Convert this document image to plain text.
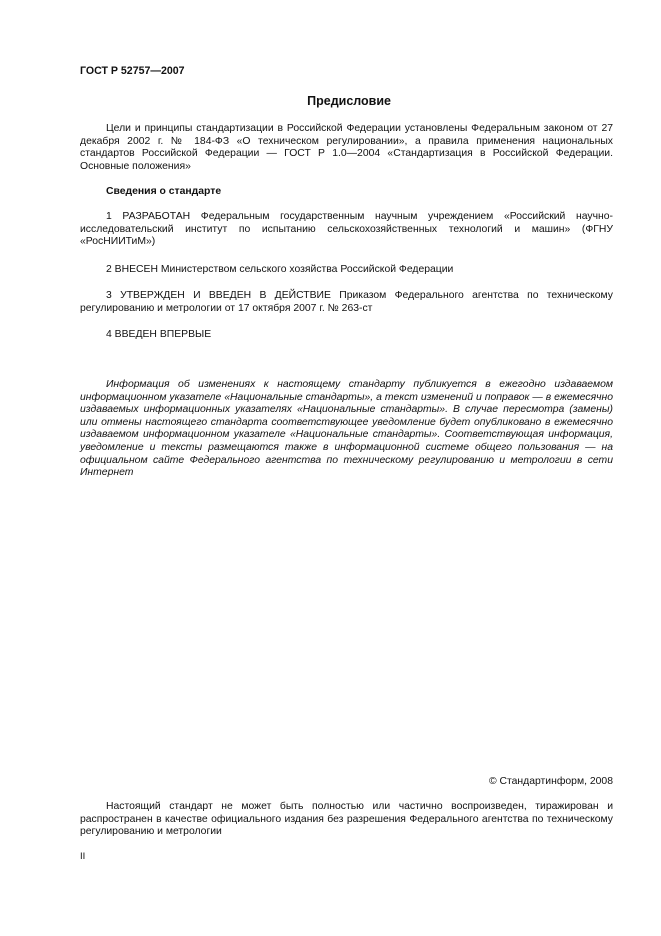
ГОСТ Р 52757—2007
Предисловие

Цели и принципы стандартизации в Российской Федерации установлены Федеральным законом от 27 декабря 2002 г. № 184-ФЗ «О техническом регулировании», а правила применения национальных стандартов Российской Федерации — ГОСТ Р 1.0—2004 «Стандартизация в Российской Федерации. Основные положения»

Сведения о стандарте

1 РАЗРАБОТАН Федеральным государственным научным учреждением «Российский научно-исследовательский институт по испытанию сельскохозяйственных технологий и машин» (ФГНУ «РосНИИТиМ»)

2 ВНЕСЕН Министерством сельского хозяйства Российской Федерации

3 УТВЕРЖДЕН И ВВЕДЕН В ДЕЙСТВИЕ Приказом Федерального агентства по техническому регулированию и метрологии от 17 октября 2007 г. № 263-ст

4 ВВЕДЕН ВПЕРВЫЕ

Информация об изменениях к настоящему стандарту публикуется в ежегодно издаваемом информационном указателе «Национальные стандарты», а текст изменений и поправок — в ежемесячно издаваемых информационных указателях «Национальные стандарты». В случае пересмотра (замены) или отмены настоящего стандарта соответствующее уведомление будет опубликовано в ежемесячно издаваемом информационном указателе «Национальные стандарты». Соответствующая информация, уведомление и тексты размещаются также в информационной системе общего пользования — на официальном сайте Федерального агентства по техническому регулированию и метрологии в сети Интернет

© Стандартинформ, 2008

Настоящий стандарт не может быть полностью или частично воспроизведен, тиражирован и распространен в качестве официального издания без разрешения Федерального агентства по техническому регулированию и метрологии

II
